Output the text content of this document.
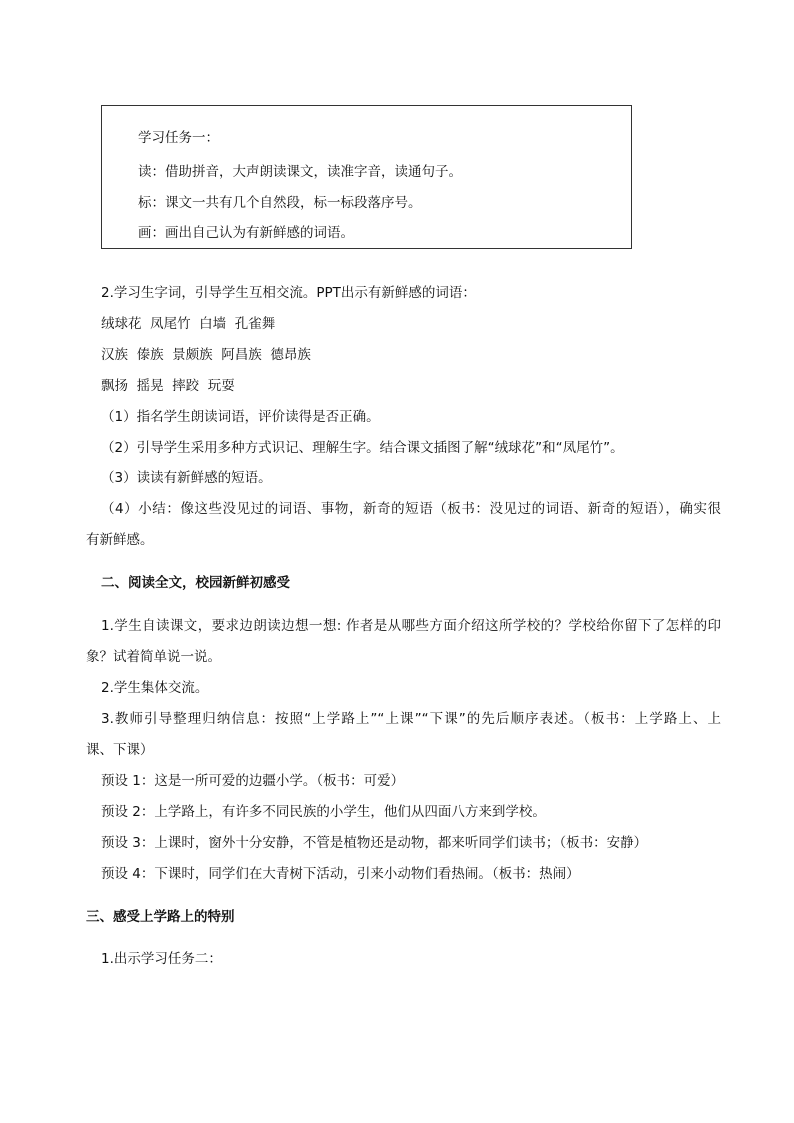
学习任务一：
读：借助拼音，大声朗读课文，读准字音，读通句子。
标：课文一共有几个自然段，标一标段落序号。
画：画出自己认为有新鲜感的词语。
2.学习生字词，引导学生互相交流。PPT出示有新鲜感的词语：
绒球花  凤尾竹  白墙  孔雀舞
汉族  傣族  景颇族  阿昌族  德昂族
飘扬  摇晃  摔跤  玩耍
（1）指名学生朗读词语，评价读得是否正确。
（2）引导学生采用多种方式识记、理解生字。结合课文插图了解“绒球花”和“凤尾竹”。
（3）读读有新鲜感的短语。
（4）小结：像这些没见过的词语、事物，新奇的短语（板书：没见过的词语、新奇的短语），确实很
有新鲜感。
二、阅读全文，校园新鲜初感受
1.学生自读课文，要求边朗读边想一想: 作者是从哪些方面介绍这所学校的？学校给你留下了怎样的印
象？试着简单说一说。
2.学生集体交流。
3.教师引导整理归纳信息：按照“上学路上”“上课”“下课”的先后顺序表述。（板书：上学路上、上
课、下课）
预设 1：这是一所可爱的边疆小学。（板书：可爱）
预设 2：上学路上，有许多不同民族的小学生，他们从四面八方来到学校。
预设 3：上课时，窗外十分安静，不管是植物还是动物，都来听同学们读书；（板书：安静）
预设 4：下课时，同学们在大青树下活动，引来小动物们看热闹。（板书：热闹）
三、感受上学路上的特别
1.出示学习任务二：
